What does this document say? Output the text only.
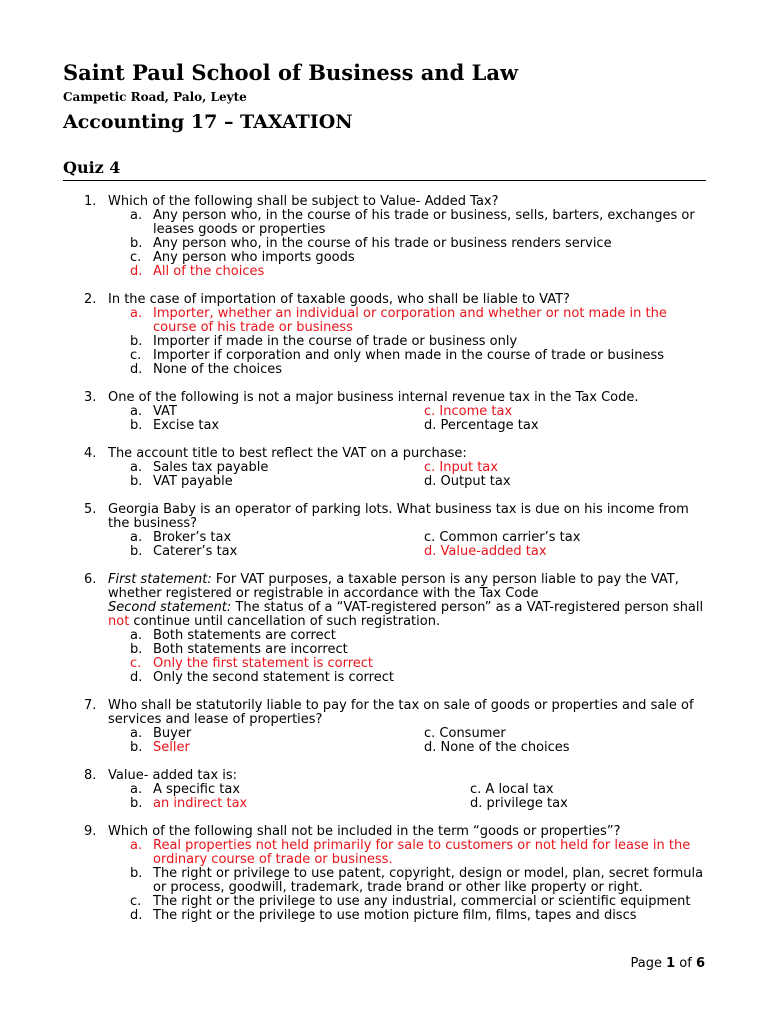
Saint Paul School of Business and Law
Campetic Road, Palo, Leyte
Accounting 17 – TAXATION
Quiz 4
1. Which of the following shall be subject to Value- Added Tax?
a. Any person who, in the course of his trade or business, sells, barters, exchanges or leases goods or properties
b. Any person who, in the course of his trade or business renders service
c. Any person who imports goods
d. All of the choices
2. In the case of importation of taxable goods, who shall be liable to VAT?
a. Importer, whether an individual or corporation and whether or not made in the course of his trade or business
b. Importer if made in the course of trade or business only
c. Importer if corporation and only when made in the course of trade or business
d. None of the choices
3. One of the following is not a major business internal revenue tax in the Tax Code.
a. VAT	c. Income tax
b. Excise tax	d. Percentage tax
4. The account title to best reflect the VAT on a purchase:
a. Sales tax payable	c. Input tax
b. VAT payable	d. Output tax
5. Georgia Baby is an operator of parking lots. What business tax is due on his income from the business?
a. Broker’s tax	c. Common carrier’s tax
b. Caterer’s tax	d. Value-added tax
6. First statement: For VAT purposes, a taxable person is any person liable to pay the VAT, whether registered or registrable in accordance with the Tax Code
Second statement: The status of a “VAT-registered person” as a VAT-registered person shall not continue until cancellation of such registration.
a. Both statements are correct
b. Both statements are incorrect
c. Only the first statement is correct
d. Only the second statement is correct
7. Who shall be statutorily liable to pay for the tax on sale of goods or properties and sale of services and lease of properties?
a. Buyer	c. Consumer
b. Seller	d. None of the choices
8. Value- added tax is:
a. A specific tax	c. A local tax
b. an indirect tax	d. privilege tax
9. Which of the following shall not be included in the term “goods or properties”?
a. Real properties not held primarily for sale to customers or not held for lease in the ordinary course of trade or business.
b. The right or privilege to use patent, copyright, design or model, plan, secret formula or process, goodwill, trademark, trade brand or other like property or right.
c. The right or the privilege to use any industrial, commercial or scientific equipment
d. The right or the privilege to use motion picture film, films, tapes and discs
Page 1 of 6
